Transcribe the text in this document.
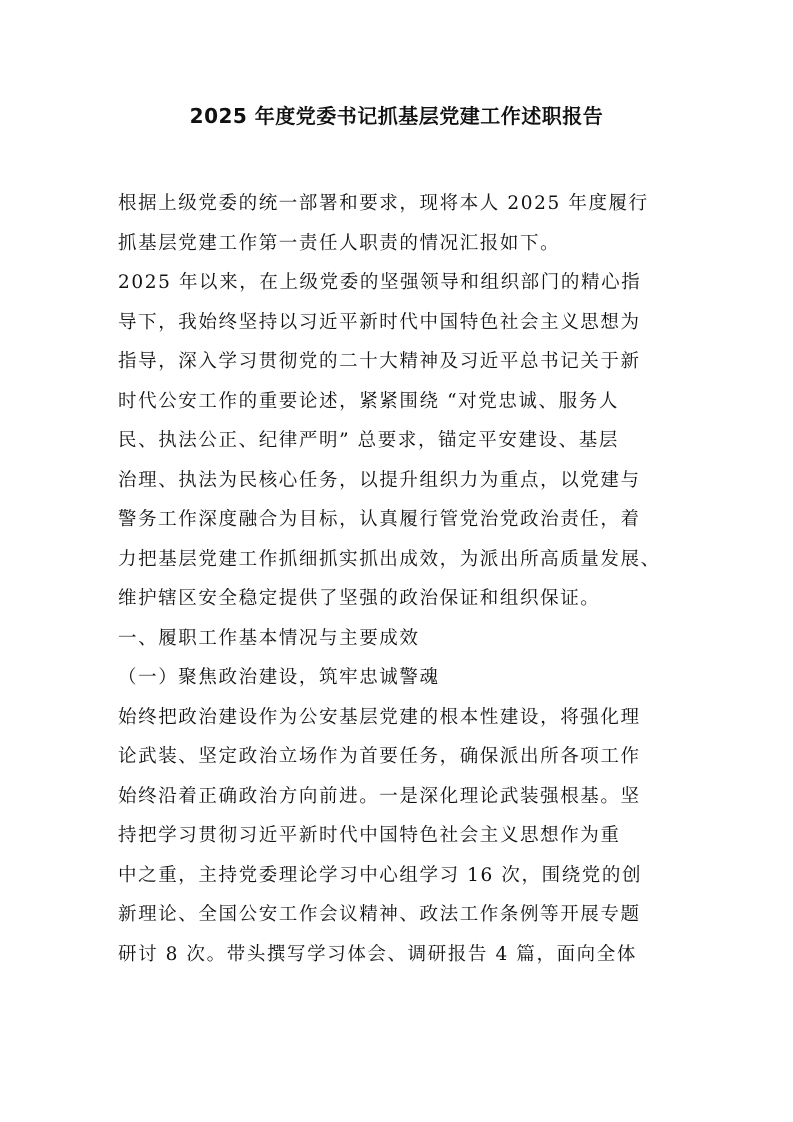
2025 年度党委书记抓基层党建工作述职报告
根据上级党委的统一部署和要求，现将本人 2025 年度履行
抓基层党建工作第一责任人职责的情况汇报如下。
2025 年以来，在上级党委的坚强领导和组织部门的精心指
导下，我始终坚持以习近平新时代中国特色社会主义思想为
指导，深入学习贯彻党的二十大精神及习近平总书记关于新
时代公安工作的重要论述，紧紧围绕 “对党忠诚、服务人
民、执法公正、纪律严明” 总要求，锚定平安建设、基层
治理、执法为民核心任务，以提升组织力为重点，以党建与
警务工作深度融合为目标，认真履行管党治党政治责任，着
力把基层党建工作抓细抓实抓出成效，为派出所高质量发展、
维护辖区安全稳定提供了坚强的政治保证和组织保证。
一、履职工作基本情况与主要成效
（一）聚焦政治建设，筑牢忠诚警魂
始终把政治建设作为公安基层党建的根本性建设，将强化理
论武装、坚定政治立场作为首要任务，确保派出所各项工作
始终沿着正确政治方向前进。一是深化理论武装强根基。坚
持把学习贯彻习近平新时代中国特色社会主义思想作为重
中之重，主持党委理论学习中心组学习 16 次，围绕党的创
新理论、全国公安工作会议精神、政法工作条例等开展专题
研讨 8 次。带头撰写学习体会、调研报告 4 篇，面向全体
